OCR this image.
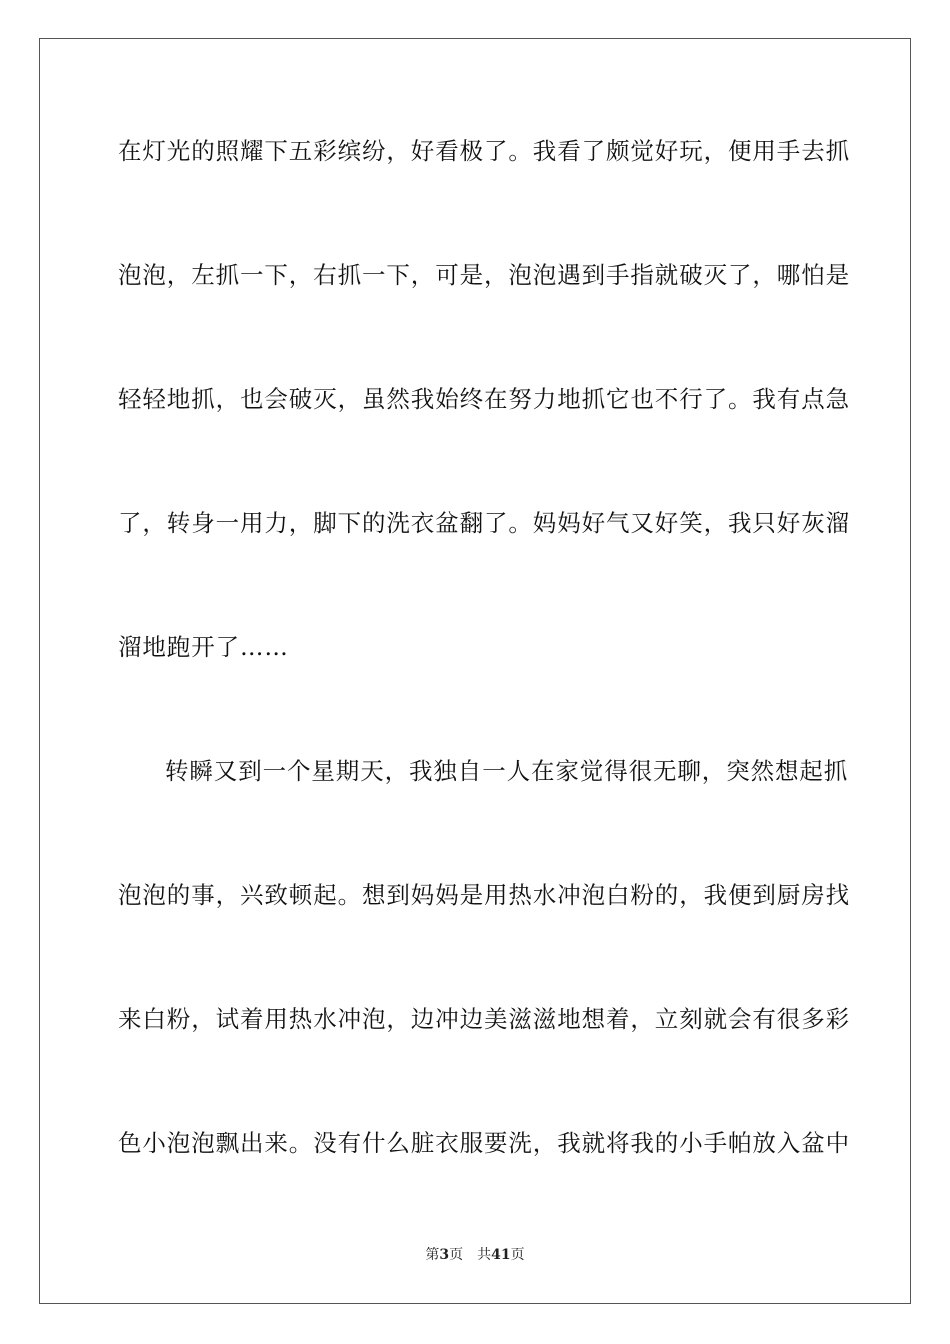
在灯光的照耀下五彩缤纷，好看极了。我看了颇觉好玩，便用手去抓
泡泡，左抓一下，右抓一下，可是，泡泡遇到手指就破灭了，哪怕是
轻轻地抓，也会破灭，虽然我始终在努力地抓它也不行了。我有点急
了，转身一用力，脚下的洗衣盆翻了。妈妈好气又好笑，我只好灰溜
溜地跑开了……
转瞬又到一个星期天，我独自一人在家觉得很无聊，突然想起抓
泡泡的事，兴致顿起。想到妈妈是用热水冲泡白粉的，我便到厨房找
来白粉，试着用热水冲泡，边冲边美滋滋地想着，立刻就会有很多彩
色小泡泡飘出来。没有什么脏衣服要洗，我就将我的小手帕放入盆中
第3页 共41页
